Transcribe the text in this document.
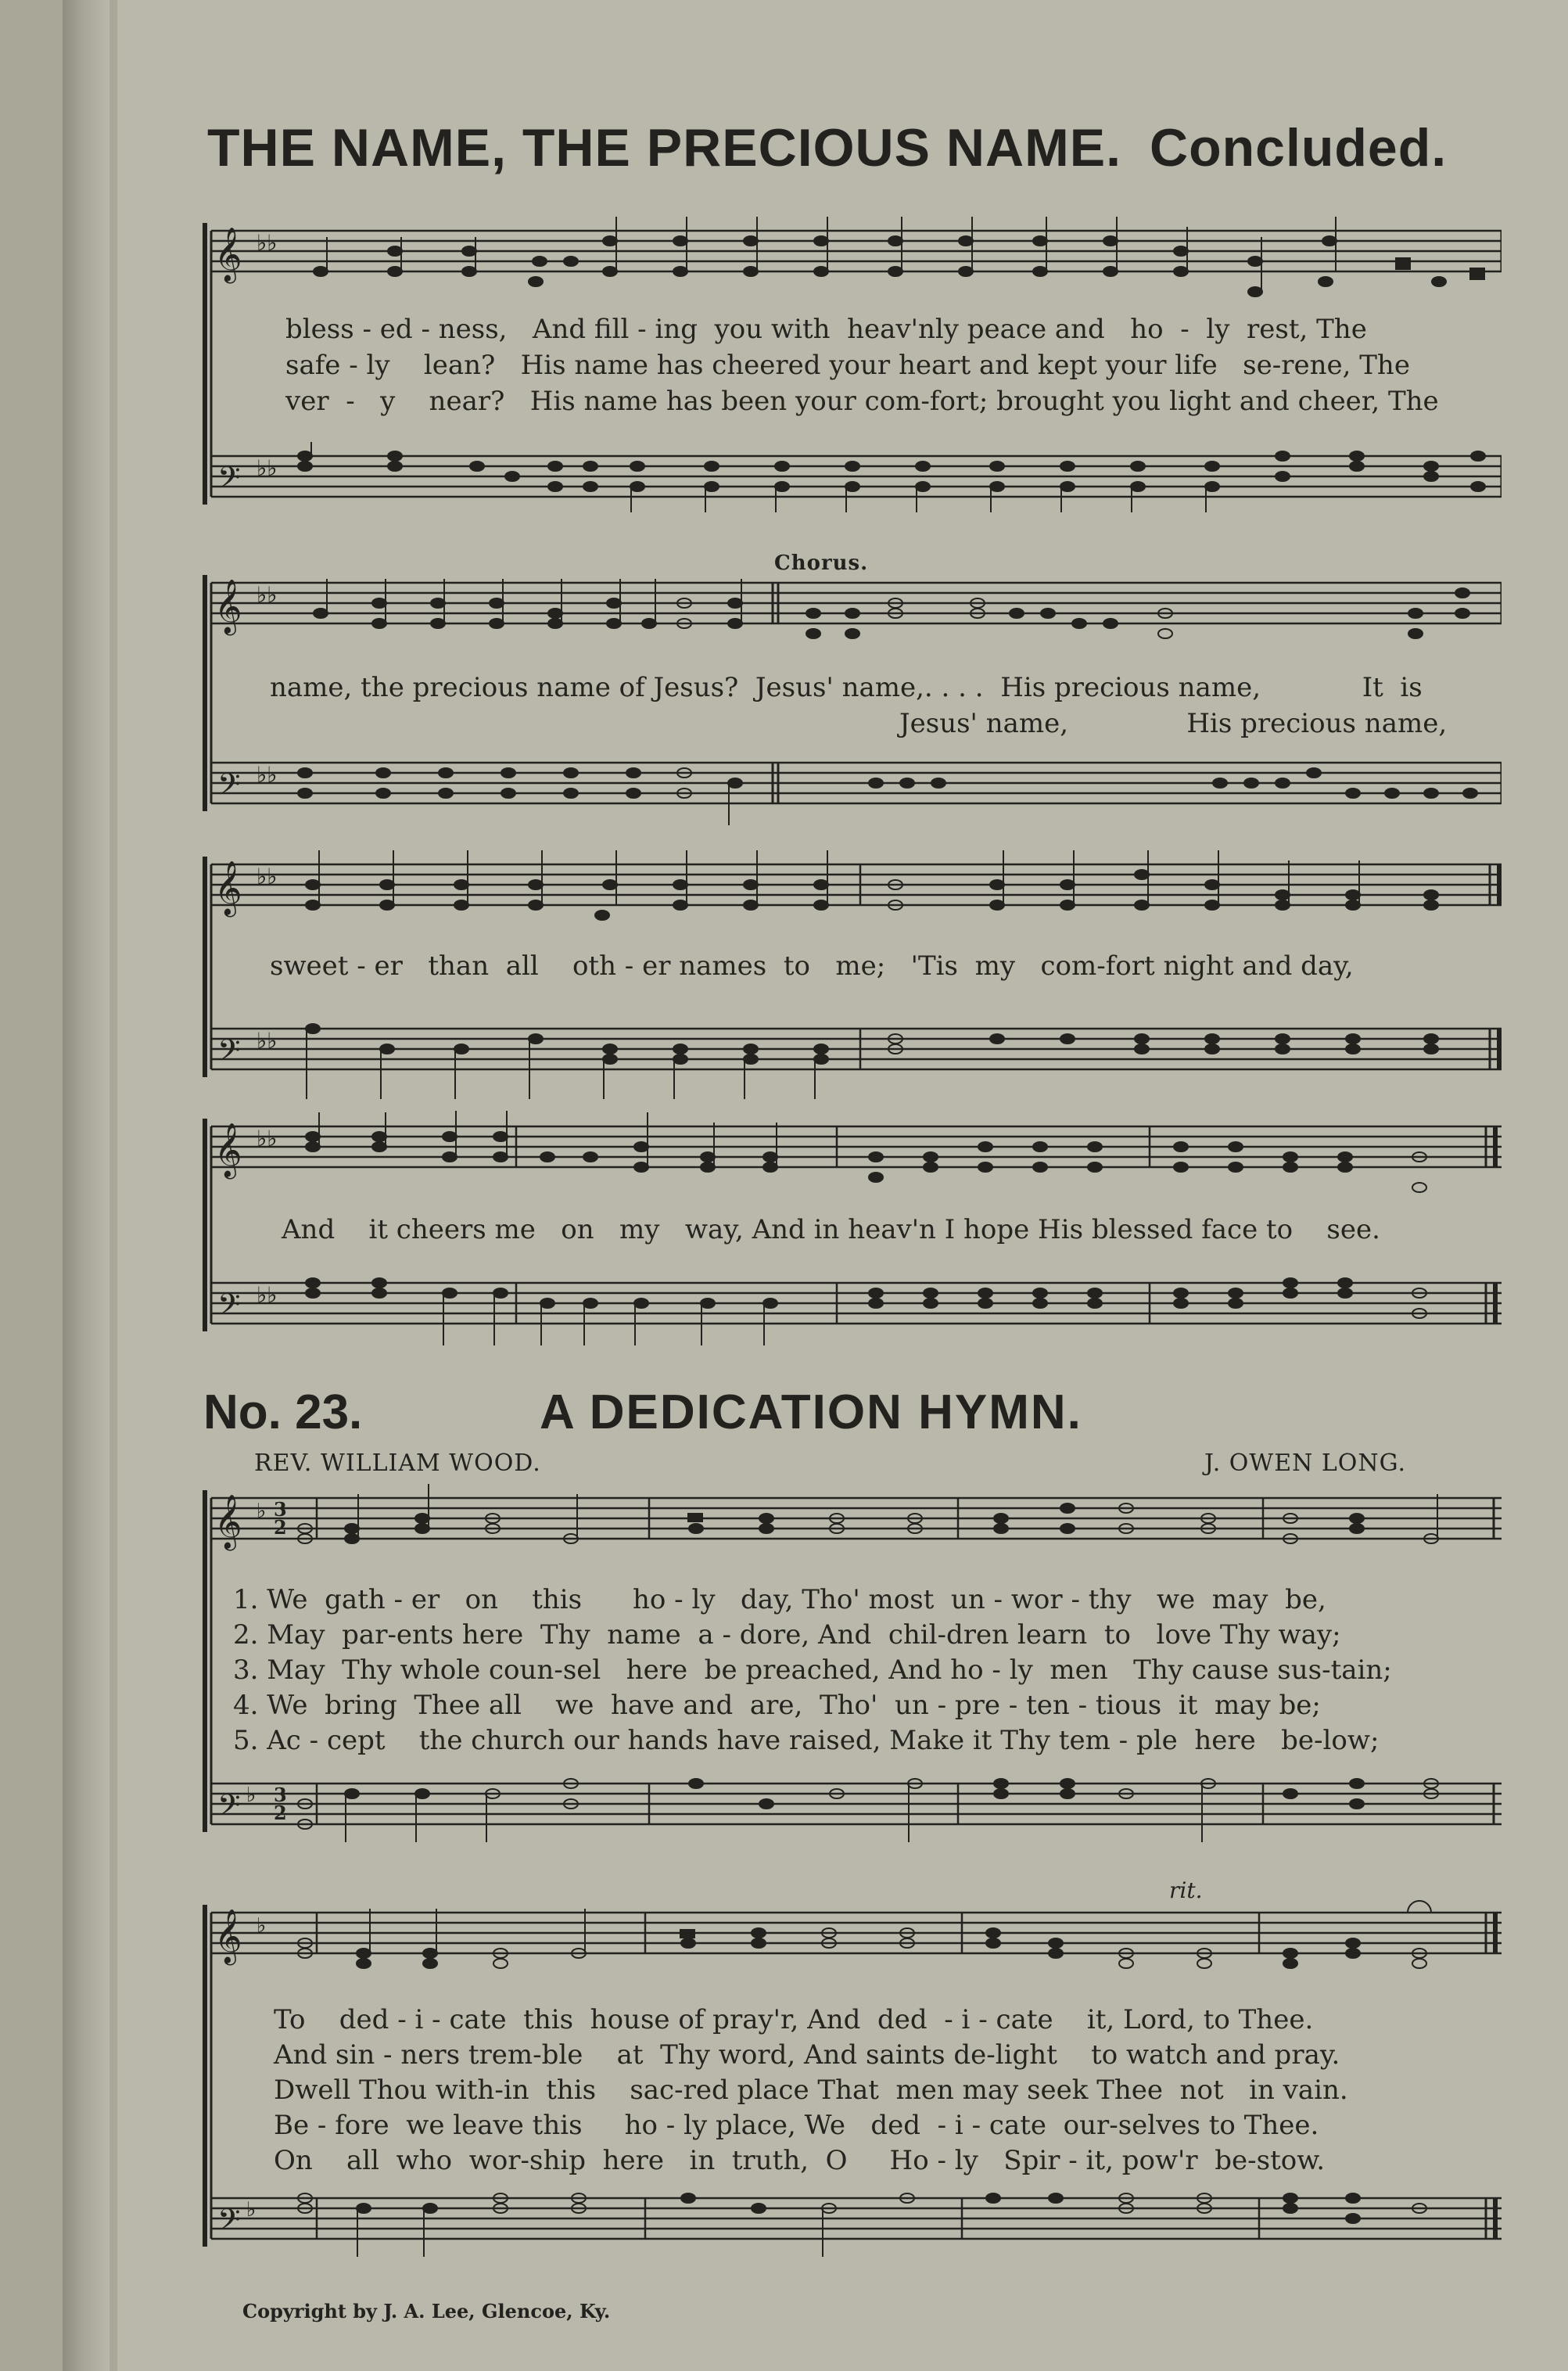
THE NAME, THE PRECIOUS NAME. Concluded.
𝄞
𝄢
♭♭
♭♭
bless - ed - ness,   And fill - ing  you with  heav'nly peace and   ho  -  ly  rest, The
safe - ly    lean?   His name has cheered your heart and kept your life   se-rene, The
ver  -   y    near?   His name has been your com-fort; brought you light and cheer, The
Chorus.
𝄞
𝄢
♭♭
♭♭
name, the precious name of Jesus?  Jesus' name,. . . .  His precious name,            It  is
Jesus' name,              His precious name,
𝄞
𝄢
♭♭
♭♭
sweet - er   than  all    oth - er names  to   me;   'Tis  my   com-fort night and day,
𝄞
𝄢
♭♭
♭♭
And    it cheers me   on   my   way, And in heav'n I hope His blessed face to    see.
No. 23.	A DEDICATION HYMN.
REV. WILLIAM WOOD.	J. OWEN LONG.
𝄞
𝄢
♭ 3
2
♭ 3
2
1. We  gath - er   on    this      ho - ly   day, Tho' most  un - wor - thy   we  may  be,
2. May  par-ents here  Thy  name  a - dore, And  chil-dren learn  to   love Thy way;
3. May  Thy whole coun-sel   here  be preached, And ho - ly  men   Thy cause sus-tain;
4. We  bring  Thee all    we  have and  are,  Tho'  un - pre - ten - tious  it  may be;
5. Ac - cept    the church our hands have raised, Make it Thy tem - ple  here   be-low;
rit.
𝄞
𝄢
♭
♭
To    ded - i - cate  this  house of pray'r, And  ded  - i - cate    it, Lord, to Thee.
And sin - ners trem-ble    at  Thy word, And saints de-light    to watch and pray.
Dwell Thou with-in  this    sac-red place That  men may seek Thee  not   in vain.
Be - fore  we leave this     ho - ly place, We   ded  - i - cate  our-selves to Thee.
On    all  who  wor-ship  here   in  truth,  O     Ho - ly   Spir - it, pow'r  be-stow.
Copyright by J. A. Lee, Glencoe, Ky.
